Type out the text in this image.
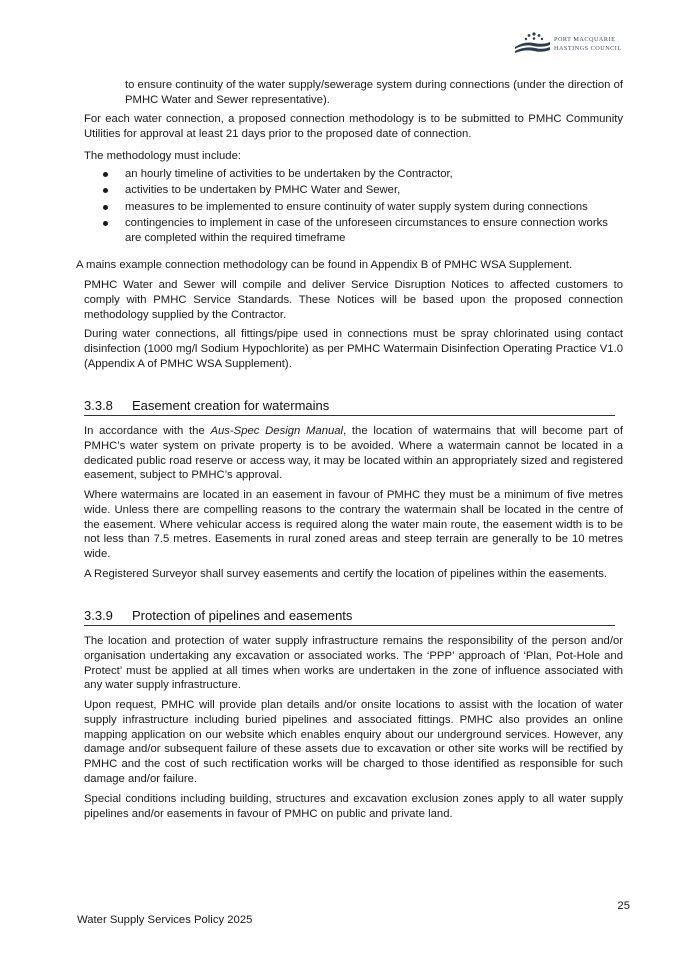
PORT MACQUARIE
HASTINGS COUNCIL

to ensure continuity of the water supply/sewerage system during connections (under the direction of PMHC Water and Sewer representative).

For each water connection, a proposed connection methodology is to be submitted to PMHC Community Utilities for approval at least 21 days prior to the proposed date of connection.

The methodology must include:

an hourly timeline of activities to be undertaken by the Contractor,
activities to be undertaken by PMHC Water and Sewer,
measures to be implemented to ensure continuity of water supply system during connections
contingencies to implement in case of the unforeseen circumstances to ensure connection works are completed within the required timeframe

A mains example connection methodology can be found in Appendix B of PMHC WSA Supplement.

PMHC Water and Sewer will compile and deliver Service Disruption Notices to affected customers to comply with PMHC Service Standards. These Notices will be based upon the proposed connection methodology supplied by the Contractor.

During water connections, all fittings/pipe used in connections must be spray chlorinated using contact disinfection (1000 mg/l Sodium Hypochlorite) as per PMHC Watermain Disinfection Operating Practice V1.0 (Appendix A of PMHC WSA Supplement).

3.3.8 Easement creation for watermains

In accordance with the Aus-Spec Design Manual, the location of watermains that will become part of PMHC’s water system on private property is to be avoided. Where a watermain cannot be located in a dedicated public road reserve or access way, it may be located within an appropriately sized and registered easement, subject to PMHC’s approval.

Where watermains are located in an easement in favour of PMHC they must be a minimum of five metres wide. Unless there are compelling reasons to the contrary the watermain shall be located in the centre of the easement. Where vehicular access is required along the water main route, the easement width is to be not less than 7.5 metres. Easements in rural zoned areas and steep terrain are generally to be 10 metres wide.

A Registered Surveyor shall survey easements and certify the location of pipelines within the easements.

3.3.9 Protection of pipelines and easements

The location and protection of water supply infrastructure remains the responsibility of the person and/or organisation undertaking any excavation or associated works. The ‘PPP’ approach of ‘Plan, Pot-Hole and Protect’ must be applied at all times when works are undertaken in the zone of influence associated with any water supply infrastructure.

Upon request, PMHC will provide plan details and/or onsite locations to assist with the location of water supply infrastructure including buried pipelines and associated fittings. PMHC also provides an online mapping application on our website which enables enquiry about our underground services. However, any damage and/or subsequent failure of these assets due to excavation or other site works will be rectified by PMHC and the cost of such rectification works will be charged to those identified as responsible for such damage and/or failure.

Special conditions including building, structures and excavation exclusion zones apply to all water supply pipelines and/or easements in favour of PMHC on public and private land.

25
Water Supply Services Policy 2025
